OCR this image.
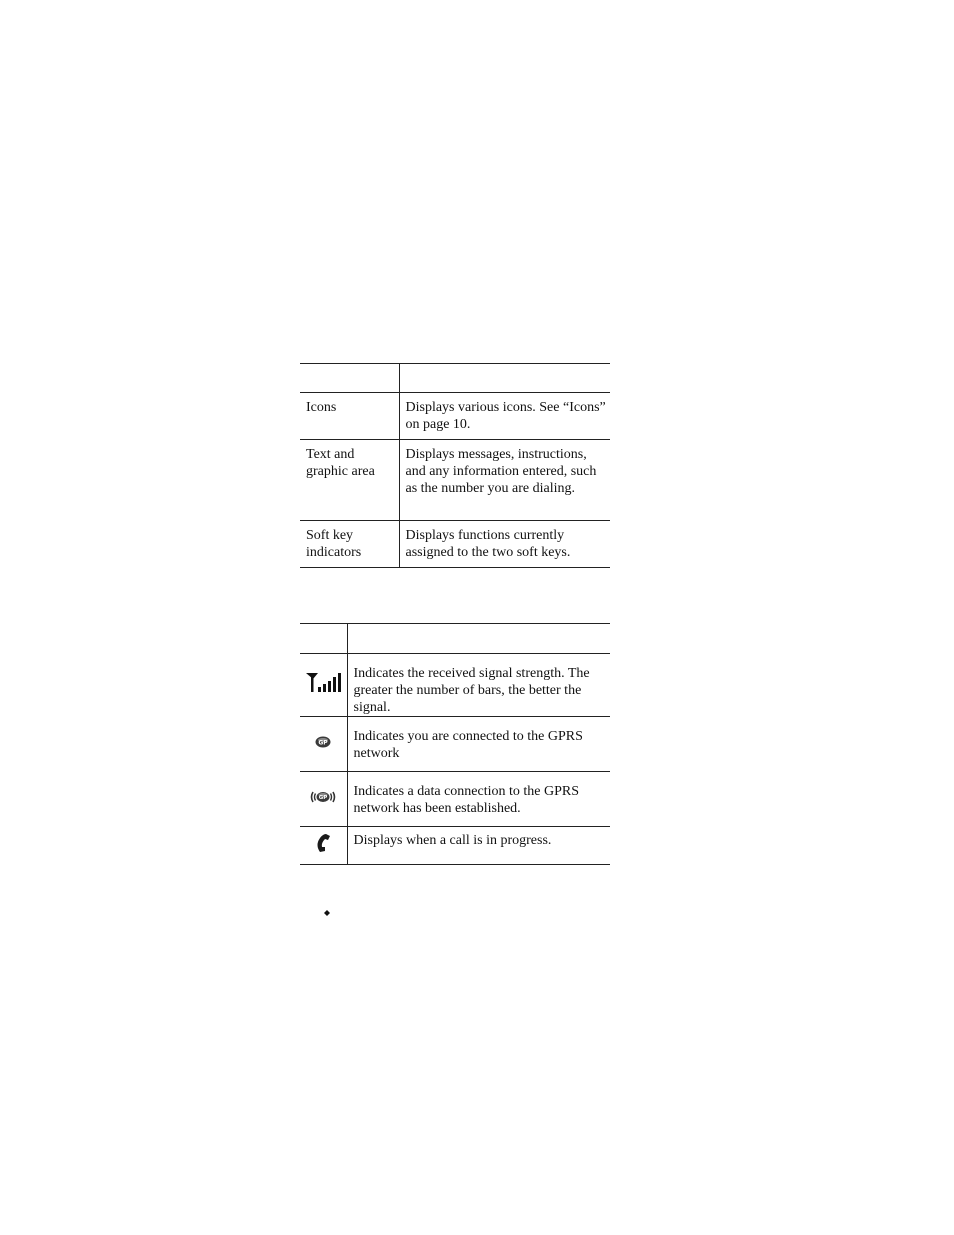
Icons	Displays various icons. See “Icons” on page 10.
Text and graphic area	Displays messages, instructions, and any information entered, such as the number you are dialing.
Soft key indicators	Displays functions currently assigned to the two soft keys.

	Indicates the received signal strength. The greater the number of bars, the better the signal.

GP	Indicates you are connected to the GPRS network

GP	Indicates a data connection to the GPRS network has been established.
	Displays when a call is in progress.
